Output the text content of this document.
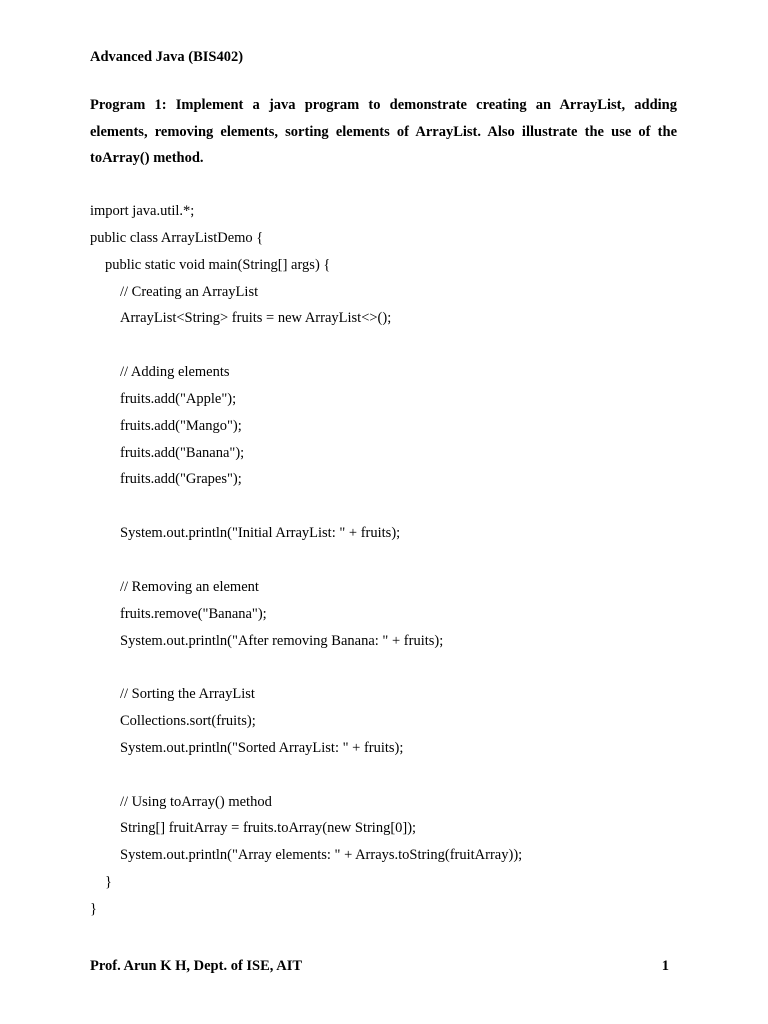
Advanced Java (BIS402)
Program 1: Implement a java program to demonstrate creating an ArrayList, adding
elements, removing elements, sorting elements of ArrayList. Also illustrate the use of the
toArray() method.
import java.util.*;
public class ArrayListDemo {
public static void main(String[] args) {
// Creating an ArrayList
ArrayList<String> fruits = new ArrayList<>();
// Adding elements
fruits.add("Apple");
fruits.add("Mango");
fruits.add("Banana");
fruits.add("Grapes");
System.out.println("Initial ArrayList: " + fruits);
// Removing an element
fruits.remove("Banana");
System.out.println("After removing Banana: " + fruits);
// Sorting the ArrayList
Collections.sort(fruits);
System.out.println("Sorted ArrayList: " + fruits);
// Using toArray() method
String[] fruitArray = fruits.toArray(new String[0]);
System.out.println("Array elements: " + Arrays.toString(fruitArray));
}
}
Prof. Arun K H, Dept. of ISE, AIT	1
